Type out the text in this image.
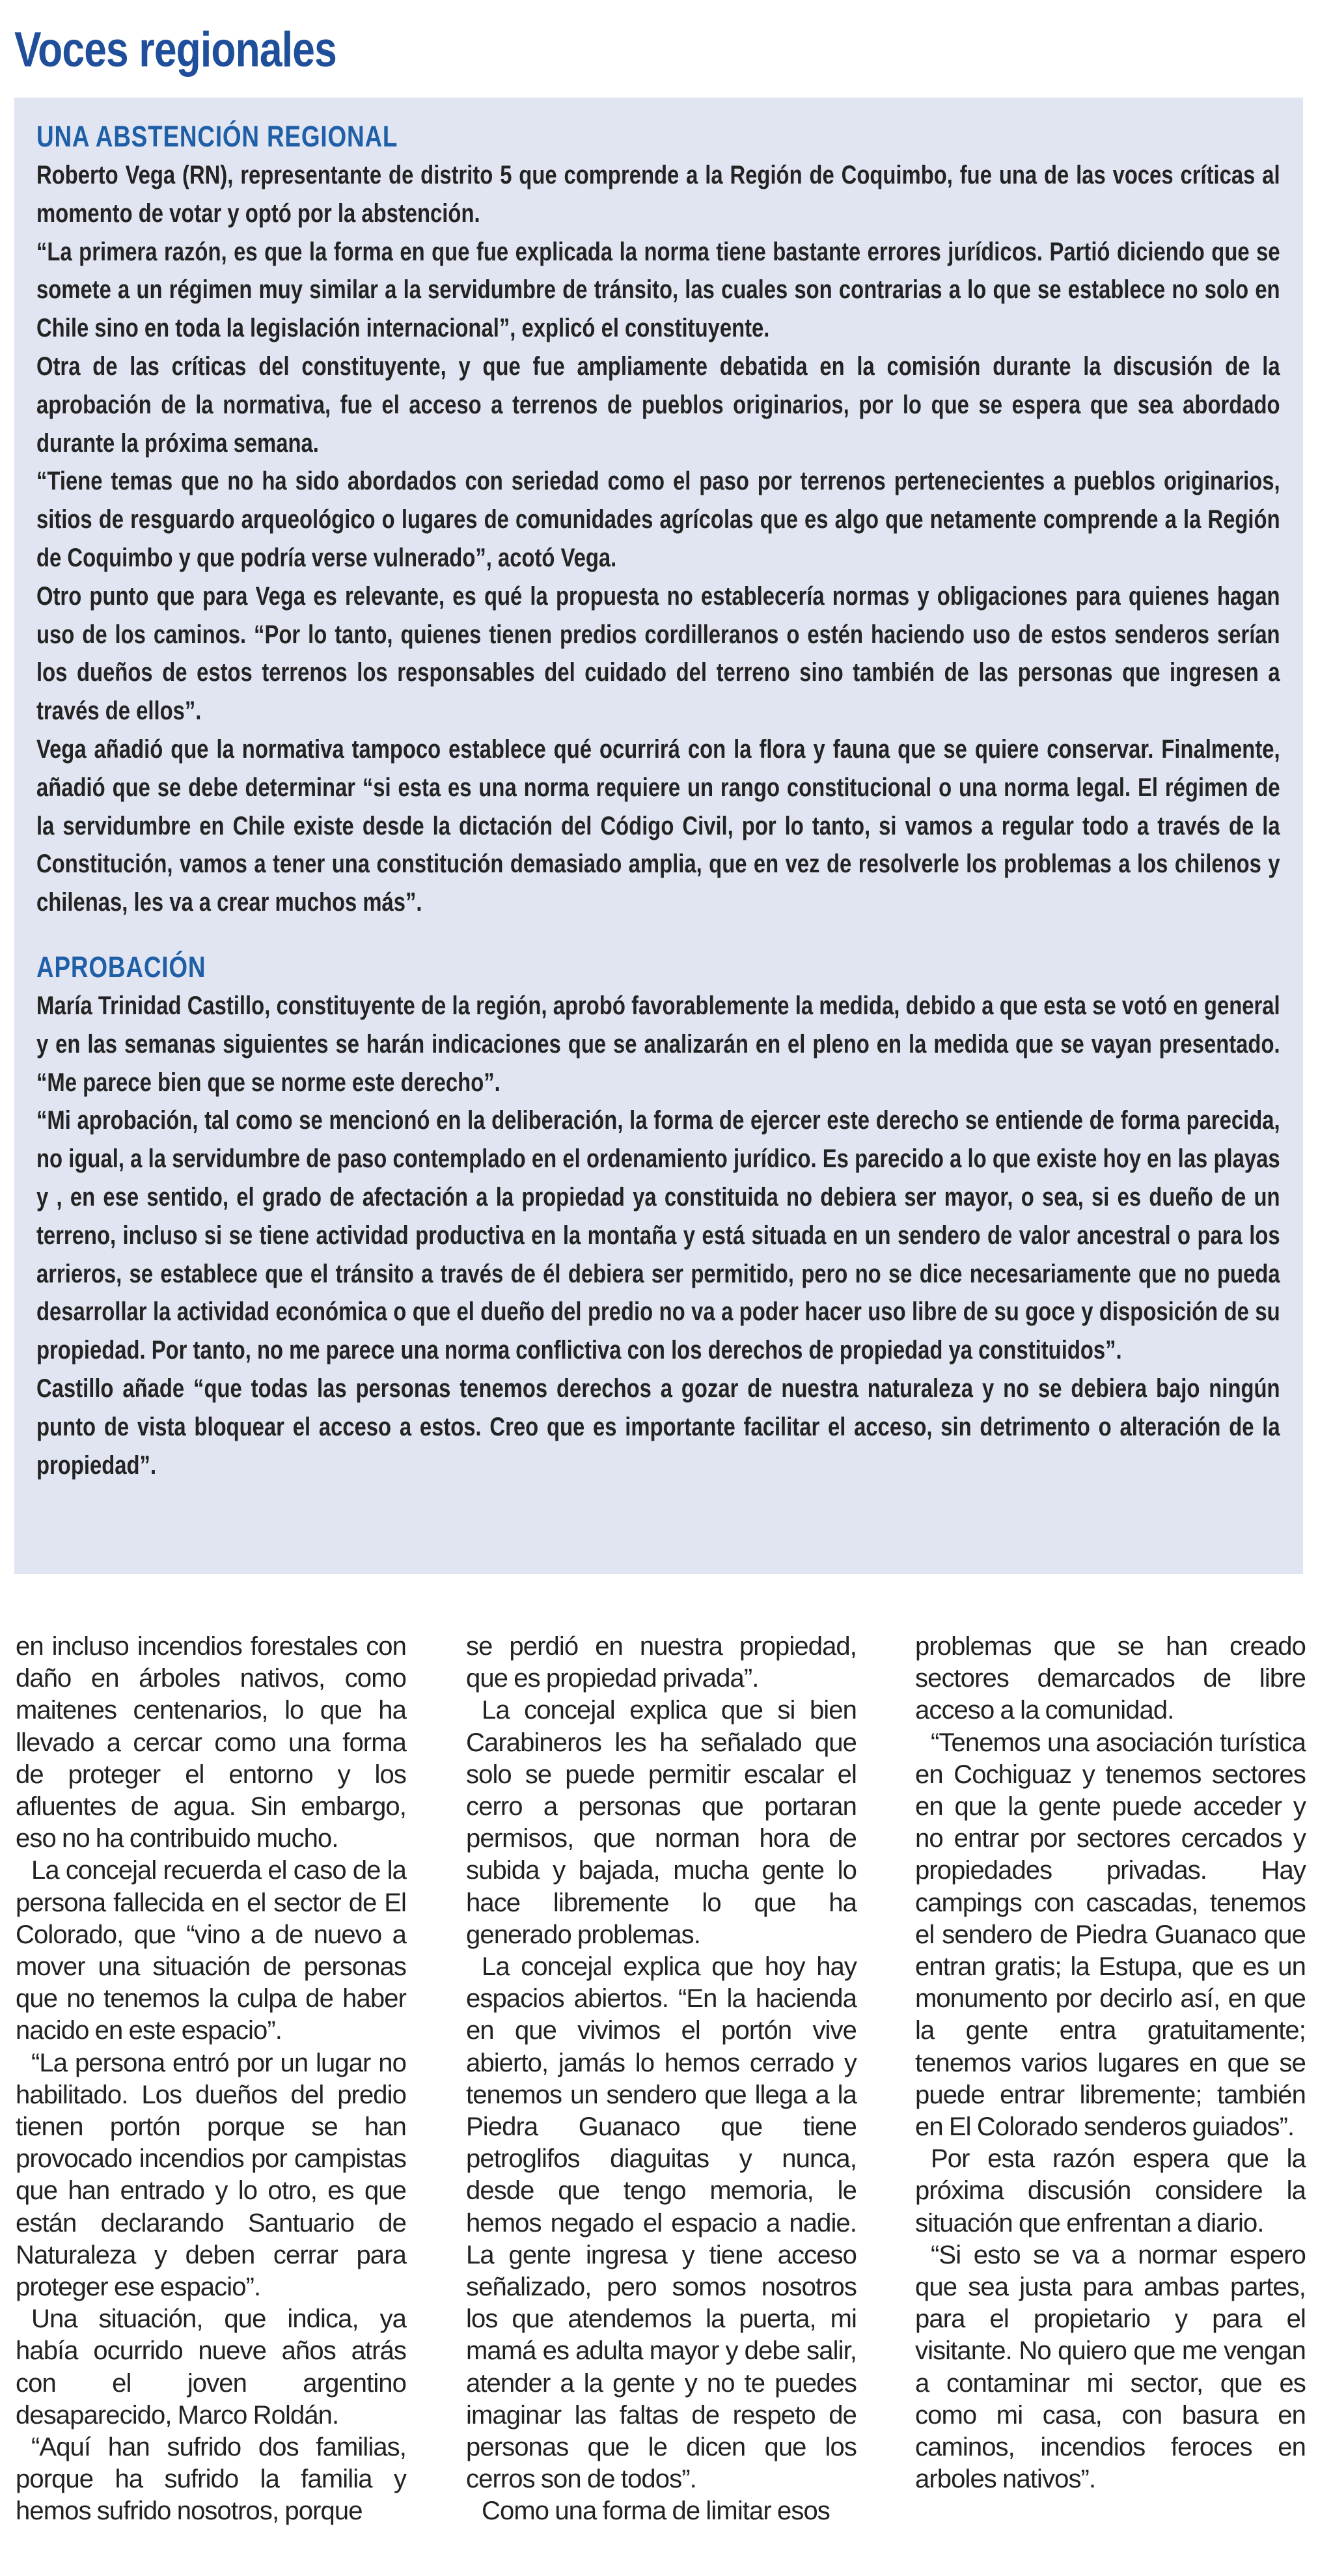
Voces regionales
UNA ABSTENCIÓN REGIONAL

Roberto Vega (RN), representante de distrito 5 que comprende a la Región de Coquimbo, fue una de las voces críticas al momento de votar y optó por la abstención.

“La primera razón, es que la forma en que fue explicada la norma tiene bastante errores jurídicos. Partió diciendo que se somete a un régimen muy similar a la servidumbre de tránsito, las cuales son contrarias a lo que se establece no solo en Chile sino en toda la legislación internacional”, explicó el constituyente.

Otra de las críticas del constituyente, y que fue ampliamente debatida en la comisión durante la discusión de la aprobación de la normativa, fue el acceso a terrenos de pueblos originarios, por lo que se espera que sea abordado durante la próxima semana.

“Tiene temas que no ha sido abordados con seriedad como el paso por terrenos pertenecientes a pueblos originarios, sitios de resguardo arqueológico o lugares de comunidades agrícolas que es algo que netamente comprende a la Región de Coquimbo y que podría verse vulnerado”, acotó Vega.

Otro punto que para Vega es relevante, es qué la propuesta no establecería normas y obligaciones para quienes hagan uso de los caminos. “Por lo tanto, quienes tienen predios cordilleranos o estén haciendo uso de estos senderos serían los dueños de estos terrenos los responsables del cuidado del terreno sino también de las personas que ingresen a través de ellos”.

Vega añadió que la normativa tampoco establece qué ocurrirá con la flora y fauna que se quiere conservar. Finalmente, añadió que se debe determinar “si esta es una norma requiere un rango constitucional o una norma legal. El régimen de la servidumbre en Chile existe desde la dictación del Código Civil, por lo tanto, si vamos a regular todo a través de la Constitución, vamos a tener una constitución demasiado amplia, que en vez de resolverle los problemas a los chilenos y chilenas, les va a crear muchos más”.

APROBACIÓN

María Trinidad Castillo, constituyente de la región, aprobó favorablemente la medida, debido a que esta se votó en general y en las semanas siguientes se harán indicaciones que se analizarán en el pleno en la medida que se vayan presentado. “Me parece bien que se norme este derecho”.

“Mi aprobación, tal como se mencionó en la deliberación, la forma de ejercer este derecho se entiende de forma parecida, no igual, a la servidumbre de paso contemplado en el ordenamiento jurídico. Es parecido a lo que existe hoy en las playas y , en ese sentido, el grado de afectación a la propiedad ya constituida no debiera ser mayor, o sea, si es dueño de un terreno, incluso si se tiene actividad productiva en la montaña y está situada en un sendero de valor ancestral o para los arrieros, se establece que el tránsito a través de él debiera ser permitido, pero no se dice necesariamente que no pueda desarrollar la actividad económica o que el dueño del predio no va a poder hacer uso libre de su goce y disposición de su propiedad. Por tanto, no me parece una norma conflictiva con los derechos de propiedad ya constituidos”.

Castillo añade “que todas las personas tenemos derechos a gozar de nuestra naturaleza y no se debiera bajo ningún punto de vista bloquear el acceso a estos. Creo que es importante facilitar el acceso, sin detrimento o alteración de la propiedad”.

en incluso incendios forestales con daño en árboles nativos, como maitenes centenarios, lo que ha llevado a cercar como una forma de proteger el entorno y los afluentes de agua. Sin embargo, eso no ha contribuido mucho.

La concejal recuerda el caso de la persona fallecida en el sector de El Colorado, que “vino a de nuevo a mover una situación de personas que no tenemos la culpa de haber nacido en este espacio”.

“La persona entró por un lugar no habilitado. Los dueños del predio tienen portón porque se han provocado incendios por campistas que han entrado y lo otro, es que están declarando Santuario de Naturaleza y deben cerrar para proteger ese espacio”.

Una situación, que indica, ya había ocurrido nueve años atrás con el joven argentino desaparecido, Marco Roldán.

“Aquí han sufrido dos familias, porque ha sufrido la familia y hemos sufrido nosotros, porque

se perdió en nuestra propiedad, que es propiedad privada”.

La concejal explica que si bien Carabineros les ha señalado que solo se puede permitir escalar el cerro a personas que portaran permisos, que norman hora de subida y bajada, mucha gente lo hace libremente lo que ha generado problemas.

La concejal explica que hoy hay espacios abiertos. “En la hacienda en que vivimos el portón vive abierto, jamás lo hemos cerrado y tenemos un sendero que llega a la Piedra Guanaco que tiene petroglifos diaguitas y nunca, desde que tengo memoria, le hemos negado el espacio a nadie. La gente ingresa y tiene acceso señalizado, pero somos nosotros los que atendemos la puerta, mi mamá es adulta mayor y debe salir, atender a la gente y no te puedes imaginar las faltas de respeto de personas que le dicen que los cerros son de todos”.

Como una forma de limitar esos

problemas que se han creado sectores demarcados de libre acceso a la comunidad.

“Tenemos una asociación turística en Cochiguaz y tenemos sectores en que la gente puede acceder y no entrar por sectores cercados y propiedades privadas. Hay campings con cascadas, tenemos el sendero de Piedra Guanaco que entran gratis; la Estupa, que es un monumento por decirlo así, en que la gente entra gratuitamente; tenemos varios lugares en que se puede entrar libremente; también en El Colorado senderos guiados”.

Por esta razón espera que la próxima discusión considere la situación que enfrentan a diario.

“Si esto se va a normar espero que sea justa para ambas partes, para el propietario y para el visitante. No quiero que me vengan a contaminar mi sector, que es como mi casa, con basura en caminos, incendios feroces en arboles nativos”.
